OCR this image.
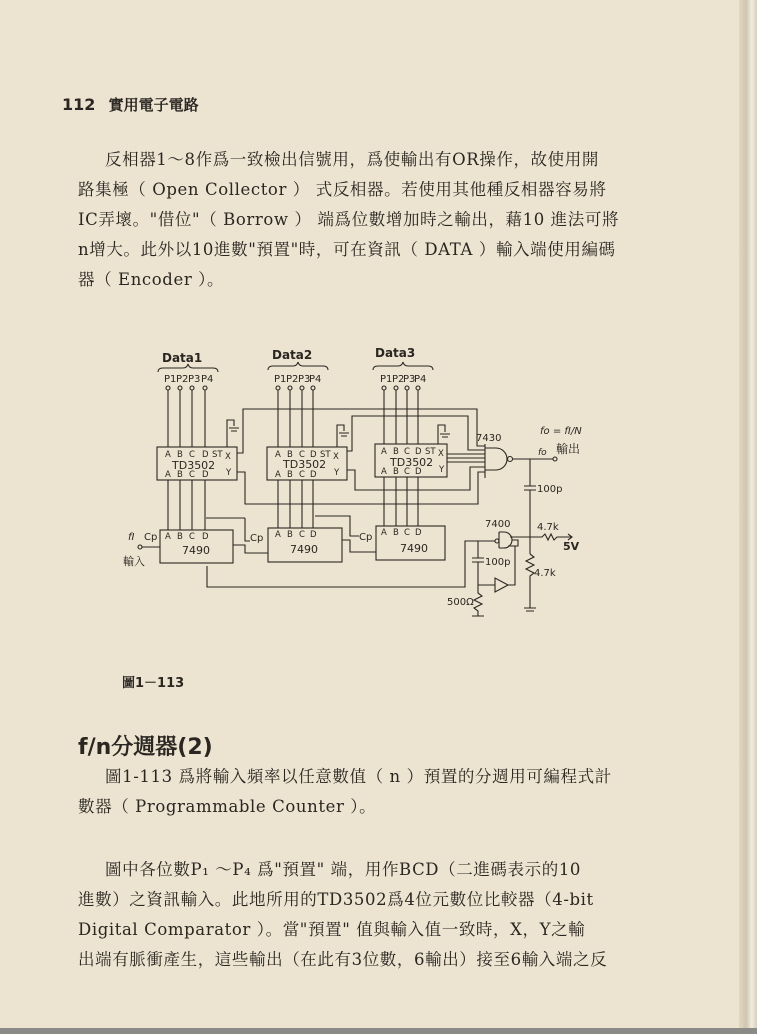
112 實用電子電路
反相器1～8作爲一致檢出信號用，爲使輸出有OR操作，故使用開
路集極（ Open Collector ） 式反相器。若使用其他種反相器容易將
IC弄壞。"借位"（ Borrow ） 端爲位數增加時之輸出，藉10 進法可將
n增大。此外以10進數"預置"時，可在資訊（ DATA ）輸入端使用編碼
器（ Encoder ）。
Data1	Data2	Data3
P1
A
A
A
P2
B
B
B
P3
C
C
C
P4
D
D
D
ST X
Y
P1
A
A
A
P2
B
B
B
P3
C
C
C
P4
D
D
D
ST X
Y
P1
A
A
A
P2
B
B
B
P3
C
C
C
P4
D
D
D
ST X
Y
TD3502	TD3502	TD3502
7490	7490	7490
Cp	Cp	Cp
fI
輸入
7430
fo = fI/N
fo 輸出
100p
4.7k
4.7k
5V
7400
100p
500Ω
圖1－113
f/n分週器(2)
圖1-113 爲將輸入頻率以任意數值（ n ）預置的分週用可編程式計
數器（ Programmable Counter ）。
圖中各位數P₁ ～P₄ 爲"預置" 端，用作BCD（二進碼表示的10
進數）之資訊輸入。此地所用的TD3502爲4位元數位比較器（4-bit
Digital Comparator ）。當"預置" 值與輸入值一致時，X，Y之輸
出端有脈衝產生，這些輸出（在此有3位數，6輸出）接至6輸入端之反
